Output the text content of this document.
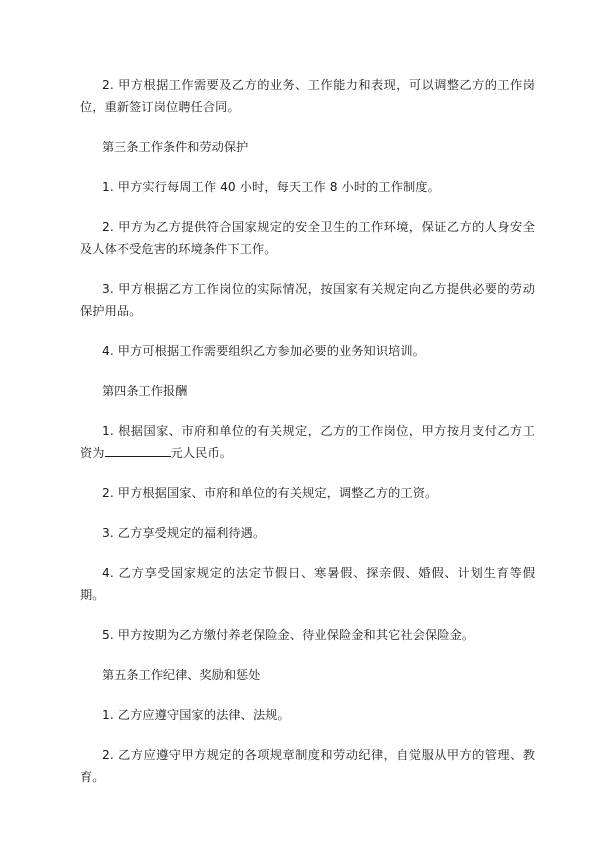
2. 甲方根据工作需要及乙方的业务、工作能力和表现，可以调整乙方的工作岗位，重新签订岗位聘任合同。

第三条工作条件和劳动保护

1. 甲方实行每周工作 40 小时，每天工作 8 小时的工作制度。

2. 甲方为乙方提供符合国家规定的安全卫生的工作环境，保证乙方的人身安全及人体不受危害的环境条件下工作。

3. 甲方根据乙方工作岗位的实际情况，按国家有关规定向乙方提供必要的劳动保护用品。

4. 甲方可根据工作需要组织乙方参加必要的业务知识培训。

第四条工作报酬

1. 根据国家、市府和单位的有关规定，乙方的工作岗位，甲方按月支付乙方工资为	元人民币。

2. 甲方根据国家、市府和单位的有关规定，调整乙方的工资。

3. 乙方享受规定的福利待遇。

4. 乙方享受国家规定的法定节假日、寒暑假、探亲假、婚假、计划生育等假期。

5. 甲方按期为乙方缴付养老保险金、待业保险金和其它社会保险金。

第五条工作纪律、奖励和惩处

1. 乙方应遵守国家的法律、法规。

2. 乙方应遵守甲方规定的各项规章制度和劳动纪律，自觉服从甲方的管理、教育。
